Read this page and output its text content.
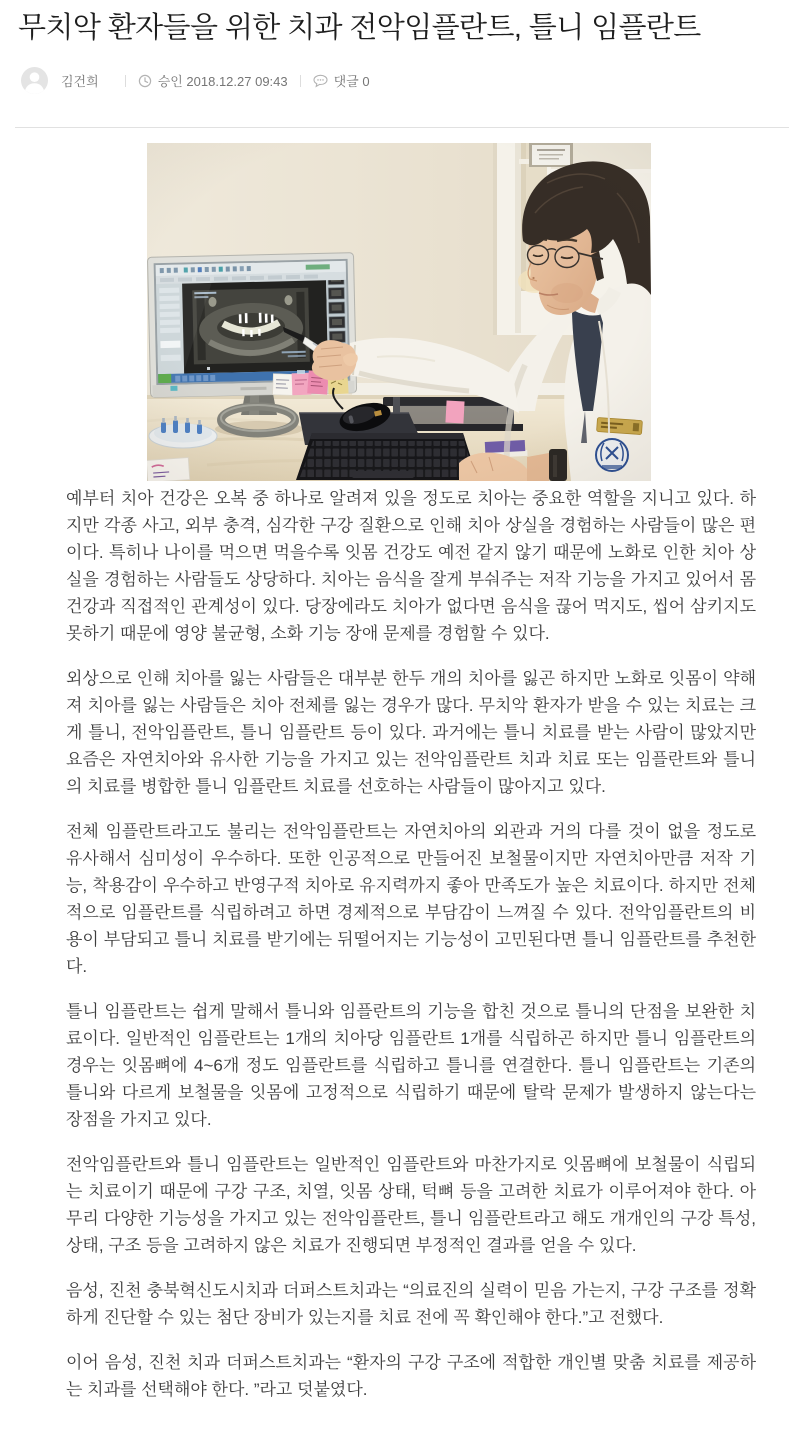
무치악 환자들을 위한 치과 전악임플란트, 틀니 임플란트
김건희	승인 2018.12.27 09:43	댓글 0

예부터 치아 건강은 오복 중 하나로 알려져 있을 정도로 치아는 중요한 역할을 지니고 있다. 하지만 각종 사고, 외부 충격, 심각한 구강 질환으로 인해 치아 상실을 경험하는 사람들이 많은 편이다. 특히나 나이를 먹으면 먹을수록 잇몸 건강도 예전 같지 않기 때문에 노화로 인한 치아 상실을 경험하는 사람들도 상당하다. 치아는 음식을 잘게 부숴주는 저작 기능을 가지고 있어서 몸 건강과 직접적인 관계성이 있다. 당장에라도 치아가 없다면 음식을 끊어 먹지도, 씹어 삼키지도 못하기 때문에 영양 불균형, 소화 기능 장애 문제를 경험할 수 있다.

외상으로 인해 치아를 잃는 사람들은 대부분 한두 개의 치아를 잃곤 하지만 노화로 잇몸이 약해져 치아를 잃는 사람들은 치아 전체를 잃는 경우가 많다. 무치악 환자가 받을 수 있는 치료는 크게 틀니, 전악임플란트, 틀니 임플란트 등이 있다. 과거에는 틀니 치료를 받는 사람이 많았지만 요즘은 자연치아와 유사한 기능을 가지고 있는 전악임플란트 치과 치료 또는 임플란트와 틀니의 치료를 병합한 틀니 임플란트 치료를 선호하는 사람들이 많아지고 있다.

전체 임플란트라고도 불리는 전악임플란트는 자연치아의 외관과 거의 다를 것이 없을 정도로 유사해서 심미성이 우수하다. 또한 인공적으로 만들어진 보철물이지만 자연치아만큼 저작 기능, 착용감이 우수하고 반영구적 치아로 유지력까지 좋아 만족도가 높은 치료이다. 하지만 전체적으로 임플란트를 식립하려고 하면 경제적으로 부담감이 느껴질 수 있다. 전악임플란트의 비용이 부담되고 틀니 치료를 받기에는 뒤떨어지는 기능성이 고민된다면 틀니 임플란트를 추천한다.

틀니 임플란트는 쉽게 말해서 틀니와 임플란트의 기능을 합친 것으로 틀니의 단점을 보완한 치료이다. 일반적인 임플란트는 1개의 치아당 임플란트 1개를 식립하곤 하지만 틀니 임플란트의 경우는 잇몸뼈에 4~6개 정도 임플란트를 식립하고 틀니를 연결한다. 틀니 임플란트는 기존의 틀니와 다르게 보철물을 잇몸에 고정적으로 식립하기 때문에 탈락 문제가 발생하지 않는다는 장점을 가지고 있다.

전악임플란트와 틀니 임플란트는 일반적인 임플란트와 마찬가지로 잇몸뼈에 보철물이 식립되는 치료이기 때문에 구강 구조, 치열, 잇몸 상태, 턱뼈 등을 고려한 치료가 이루어져야 한다. 아무리 다양한 기능성을 가지고 있는 전악임플란트, 틀니 임플란트라고 해도 개개인의 구강 특성, 상태, 구조 등을 고려하지 않은 치료가 진행되면 부정적인 결과를 얻을 수 있다.

음성, 진천 충북혁신도시치과 더퍼스트치과는 “의료진의 실력이 믿음 가는지, 구강 구조를 정확하게 진단할 수 있는 첨단 장비가 있는지를 치료 전에 꼭 확인해야 한다.”고 전했다.

이어 음성, 진천 치과 더퍼스트치과는 “환자의 구강 구조에 적합한 개인별 맞춤 치료를 제공하는 치과를 선택해야 한다. ”라고 덧붙였다.
